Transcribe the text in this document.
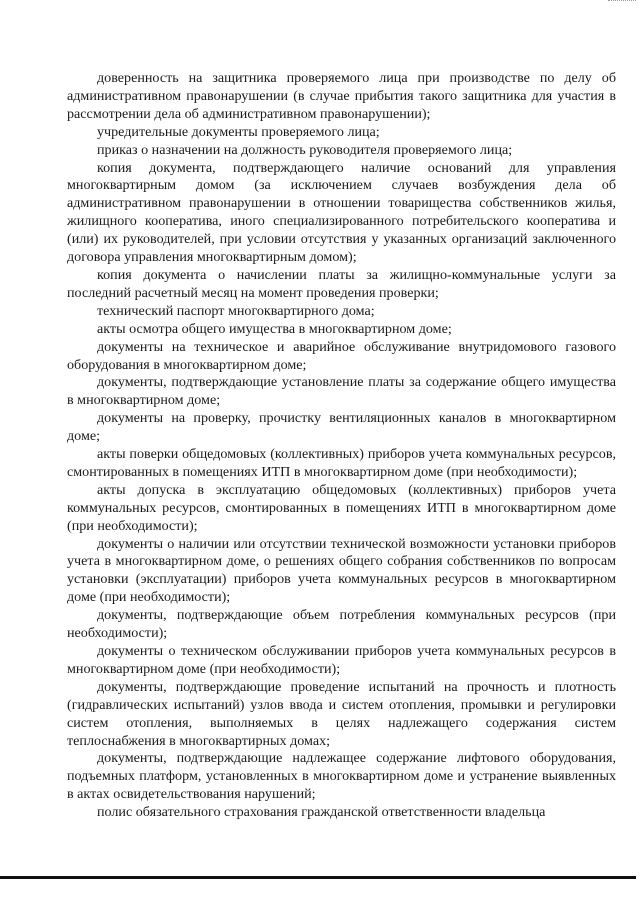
доверенность на защитника проверяемого лица при производстве по делу об административном правонарушении (в случае прибытия такого защитника для участия в рассмотрении дела об административном правонарушении);

учредительные документы проверяемого лица;

приказ о назначении на должность руководителя проверяемого лица;

копия документа, подтверждающего наличие оснований для управления многоквартирным домом (за исключением случаев возбуждения дела об административном правонарушении в отношении товарищества собственников жилья, жилищного кооператива, иного специализированного потребительского кооператива и (или) их руководителей, при условии отсутствия у указанных организаций заключенного договора управления многоквартирным домом);

копия документа о начислении платы за жилищно-коммунальные услуги за последний расчетный месяц на момент проведения проверки;

технический паспорт многоквартирного дома;

акты осмотра общего имущества в многоквартирном доме;

документы на техническое и аварийное обслуживание внутридомового газового оборудования в многоквартирном доме;

документы, подтверждающие установление платы за содержание общего имущества в многоквартирном доме;

документы на проверку, прочистку вентиляционных каналов в многоквартирном доме;

акты поверки общедомовых (коллективных) приборов учета коммунальных ресурсов, смонтированных в помещениях ИТП в многоквартирном доме (при необходимости);

акты допуска в эксплуатацию общедомовых (коллективных) приборов учета коммунальных ресурсов, смонтированных в помещениях ИТП в многоквартирном доме (при необходимости);

документы о наличии или отсутствии технической возможности установки приборов учета в многоквартирном доме, о решениях общего собрания собственников по вопросам установки (эксплуатации) приборов учета коммунальных ресурсов в многоквартирном доме (при необходимости);

документы, подтверждающие объем потребления коммунальных ресурсов (при необходимости);

документы о техническом обслуживании приборов учета коммунальных ресурсов в многоквартирном доме (при необходимости);

документы, подтверждающие проведение испытаний на прочность и плотность (гидравлических испытаний) узлов ввода и систем отопления, промывки и регулировки систем отопления, выполняемых в целях надлежащего содержания систем теплоснабжения в многоквартирных домах;

документы, подтверждающие надлежащее содержание лифтового оборудования, подъемных платформ, установленных в многоквартирном доме и устранение выявленных в актах освидетельствования нарушений;

полис обязательного страхования гражданской ответственности владельца
